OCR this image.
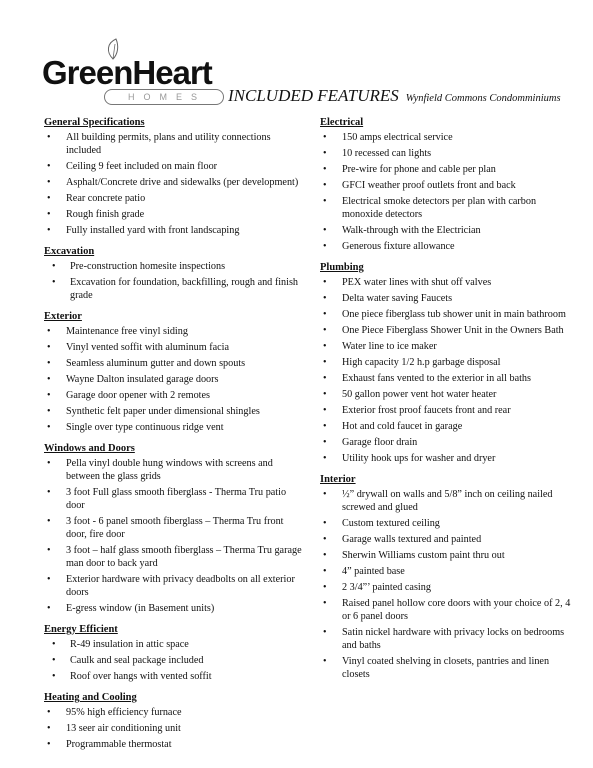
GreenHeart
HOMES	INCLUDED FEATURES Wynfield Commons Condomminiums
General Specifications
• All building permits, plans and utility connections included
• Ceiling 9 feet included on main floor
• Asphalt/Concrete drive and sidewalks (per development)
• Rear concrete patio
• Rough finish grade
• Fully installed yard with front landscaping
Excavation
• Pre-construction homesite inspections
• Excavation for foundation, backfilling, rough and finish grade
Exterior
• Maintenance free vinyl siding
• Vinyl vented soffit with aluminum facia
• Seamless aluminum gutter and down spouts
• Wayne Dalton insulated garage doors
• Garage door opener with 2 remotes
• Synthetic felt paper under dimensional shingles
• Single over type continuous ridge vent
Windows and Doors
• Pella vinyl double hung windows with screens and between the glass grids
• 3 foot Full glass smooth fiberglass - Therma Tru patio door
• 3 foot - 6 panel smooth fiberglass – Therma Tru front door, fire door
• 3 foot – half glass smooth fiberglass – Therma Tru garage man door to back yard
• Exterior hardware with privacy deadbolts on all exterior doors
• E-gress window (in Basement units)
Energy Efficient
• R-49 insulation in attic space
• Caulk and seal package included
• Roof over hangs with vented soffit
Heating and Cooling
• 95% high efficiency furnace
• 13 seer air conditioning unit
• Programmable thermostat
Electrical
• 150 amps electrical service
• 10 recessed can lights
• Pre-wire for phone and cable per plan
• GFCI weather proof outlets front and back
• Electrical smoke detectors per plan with carbon monoxide detectors
• Walk-through with the Electrician
• Generous fixture allowance
Plumbing
• PEX water lines with shut off valves
• Delta water saving Faucets
• One piece fiberglass tub shower unit in main bathroom
• One Piece Fiberglass Shower Unit in the Owners Bath
• Water line to ice maker
• High capacity 1/2 h.p garbage disposal
• Exhaust fans vented to the exterior in all baths
• 50 gallon power vent hot water heater
• Exterior frost proof faucets front and rear
• Hot and cold faucet in garage
• Garage floor drain
• Utility hook ups for washer and dryer
Interior
• ½” drywall on walls and 5/8” inch on ceiling nailed screwed and glued
• Custom textured ceiling
• Garage walls textured and painted
• Sherwin Williams custom paint thru out
• 4” painted base
• 2 3/4”’ painted casing
• Raised panel hollow core doors with your choice of 2, 4 or 6 panel doors
• Satin nickel hardware with privacy locks on bedrooms and baths
• Vinyl coated shelving in closets, pantries and linen closets
